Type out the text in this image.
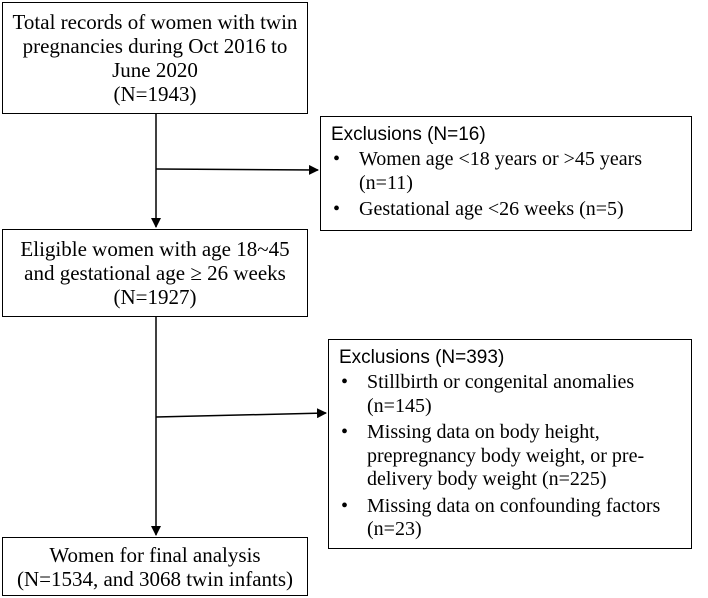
Total records of women with twin
pregnancies during Oct 2016 to
June 2020
(N=1943)
Exclusions (N=16)
• Women age <18 years or >45 years (n=11)
• Gestational age <26 weeks (n=5)
Eligible women with age 18~45
and gestational age ≥ 26 weeks
(N=1927)
Exclusions (N=393)
• Stillbirth or congenital anomalies (n=145)
• Missing data on body height, prepregnancy body weight, or pre-delivery body weight (n=225)
• Missing data on confounding factors (n=23)
Women for final analysis
(N=1534, and 3068 twin infants)
